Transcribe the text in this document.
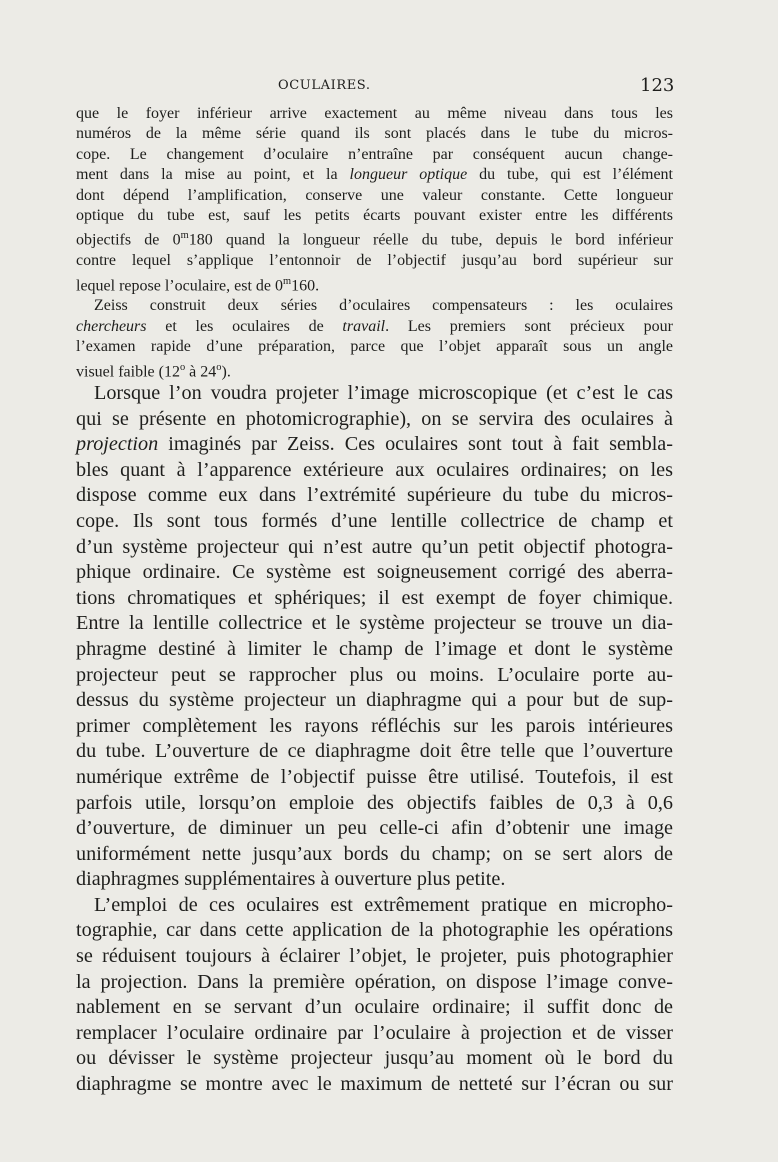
OCULAIRES.	123
que le foyer inférieur arrive exactement au même niveau dans tous les
numéros de la même série quand ils sont placés dans le tube du micros-
cope. Le changement d’oculaire n’entraîne par conséquent aucun change-
ment dans la mise au point, et la longueur optique du tube, qui est l’élément
dont dépend l’amplification, conserve une valeur constante. Cette longueur
optique du tube est, sauf les petits écarts pouvant exister entre les différents
objectifs de 0$^m$180 quand la longueur réelle du tube, depuis le bord inférieur
contre lequel s’applique l’entonnoir de l’objectif jusqu’au bord supérieur sur
lequel repose l’oculaire, est de 0$^m$160.
Zeiss construit deux séries d’oculaires compensateurs : les oculaires
chercheurs et les oculaires de travail. Les premiers sont précieux pour
l’examen rapide d’une préparation, parce que l’objet apparaît sous un angle
visuel faible (12$^o$ à 24$^o$).
Lorsque l’on voudra projeter l’image microscopique (et c’est le cas
qui se présente en photomicrographie), on se servira des oculaires à
projection imaginés par Zeiss. Ces oculaires sont tout à fait sembla-
bles quant à l’apparence extérieure aux oculaires ordinaires; on les
dispose comme eux dans l’extrémité supérieure du tube du micros-
cope. Ils sont tous formés d’une lentille collectrice de champ et
d’un système projecteur qui n’est autre qu’un petit objectif photogra-
phique ordinaire. Ce système est soigneusement corrigé des aberra-
tions chromatiques et sphériques; il est exempt de foyer chimique.
Entre la lentille collectrice et le système projecteur se trouve un dia-
phragme destiné à limiter le champ de l’image et dont le système
projecteur peut se rapprocher plus ou moins. L’oculaire porte au-
dessus du système projecteur un diaphragme qui a pour but de sup-
primer complètement les rayons réfléchis sur les parois intérieures
du tube. L’ouverture de ce diaphragme doit être telle que l’ouverture
numérique extrême de l’objectif puisse être utilisé. Toutefois, il est
parfois utile, lorsqu’on emploie des objectifs faibles de 0,3 à 0,6
d’ouverture, de diminuer un peu celle-ci afin d’obtenir une image
uniformément nette jusqu’aux bords du champ; on se sert alors de
diaphragmes supplémentaires à ouverture plus petite.
L’emploi de ces oculaires est extrêmement pratique en micropho-
tographie, car dans cette application de la photographie les opérations
se réduisent toujours à éclairer l’objet, le projeter, puis photographier
la projection. Dans la première opération, on dispose l’image conve-
nablement en se servant d’un oculaire ordinaire; il suffit donc de
remplacer l’oculaire ordinaire par l’oculaire à projection et de visser
ou dévisser le système projecteur jusqu’au moment où le bord du
diaphragme se montre avec le maximum de netteté sur l’écran ou sur
